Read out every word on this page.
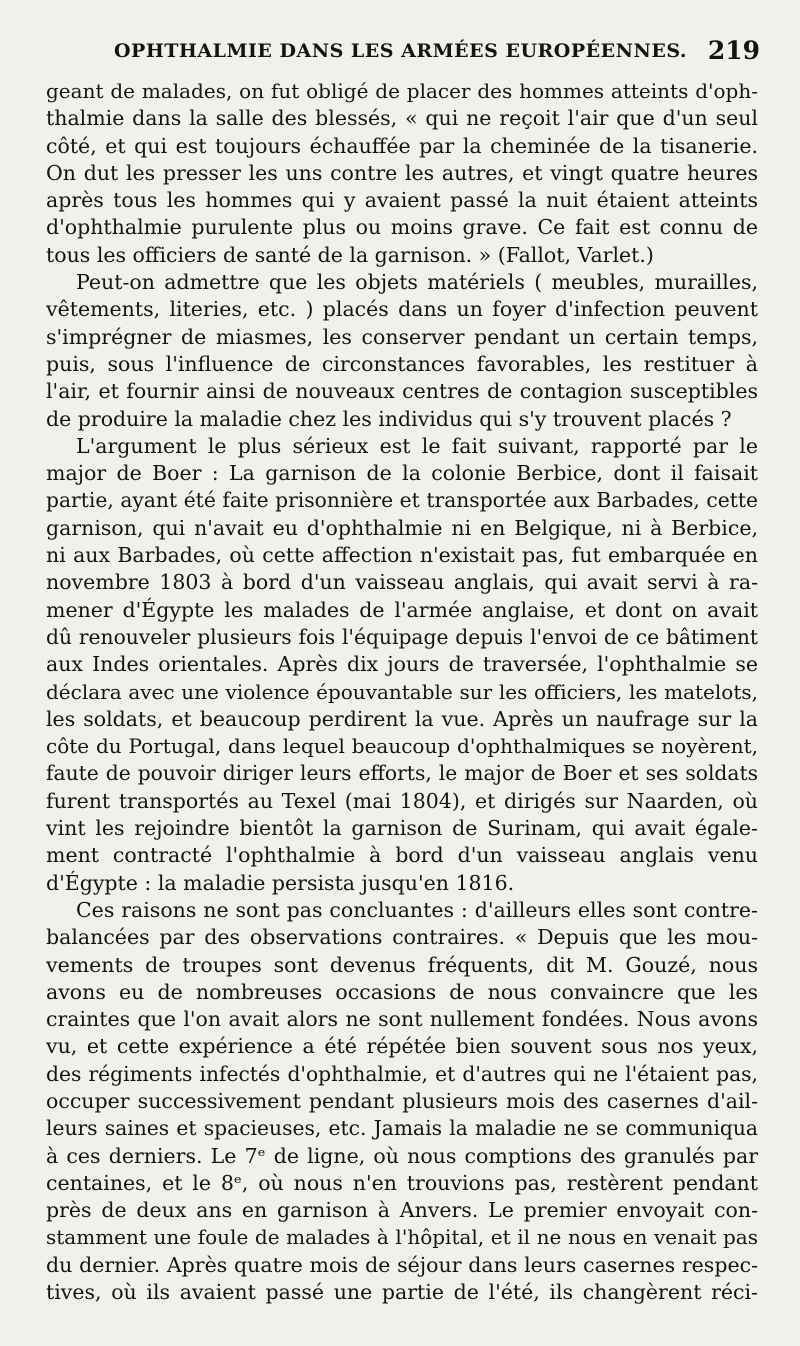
OPHTHALMIE DANS LES ARMÉES EUROPÉENNES. 219
geant de malades, on fut obligé de placer des hommes atteints d'oph-
thalmie dans la salle des blessés, « qui ne reçoit l'air que d'un seul
côté, et qui est toujours échauffée par la cheminée de la tisanerie.
On dut les presser les uns contre les autres, et vingt quatre heures
après tous les hommes qui y avaient passé la nuit étaient atteints
d'ophthalmie purulente plus ou moins grave. Ce fait est connu de
tous les officiers de santé de la garnison. » (Fallot, Varlet.)
Peut-on admettre que les objets matériels ( meubles, murailles,
vêtements, literies, etc. ) placés dans un foyer d'infection peuvent
s'imprégner de miasmes, les conserver pendant un certain temps,
puis, sous l'influence de circonstances favorables, les restituer à
l'air, et fournir ainsi de nouveaux centres de contagion susceptibles
de produire la maladie chez les individus qui s'y trouvent placés ?
L'argument le plus sérieux est le fait suivant, rapporté par le
major de Boer : La garnison de la colonie Berbice, dont il faisait
partie, ayant été faite prisonnière et transportée aux Barbades, cette
garnison, qui n'avait eu d'ophthalmie ni en Belgique, ni à Berbice,
ni aux Barbades, où cette affection n'existait pas, fut embarquée en
novembre 1803 à bord d'un vaisseau anglais, qui avait servi à ra-
mener d'Égypte les malades de l'armée anglaise, et dont on avait
dû renouveler plusieurs fois l'équipage depuis l'envoi de ce bâtiment
aux Indes orientales. Après dix jours de traversée, l'ophthalmie se
déclara avec une violence épouvantable sur les officiers, les matelots,
les soldats, et beaucoup perdirent la vue. Après un naufrage sur la
côte du Portugal, dans lequel beaucoup d'ophthalmiques se noyèrent,
faute de pouvoir diriger leurs efforts, le major de Boer et ses soldats
furent transportés au Texel (mai 1804), et dirigés sur Naarden, où
vint les rejoindre bientôt la garnison de Surinam, qui avait égale-
ment contracté l'ophthalmie à bord d'un vaisseau anglais venu
d'Égypte : la maladie persista jusqu'en 1816.
Ces raisons ne sont pas concluantes : d'ailleurs elles sont contre-
balancées par des observations contraires. « Depuis que les mou-
vements de troupes sont devenus fréquents, dit M. Gouzé, nous
avons eu de nombreuses occasions de nous convaincre que les
craintes que l'on avait alors ne sont nullement fondées. Nous avons
vu, et cette expérience a été répétée bien souvent sous nos yeux,
des régiments infectés d'ophthalmie, et d'autres qui ne l'étaient pas,
occuper successivement pendant plusieurs mois des casernes d'ail-
leurs saines et spacieuses, etc. Jamais la maladie ne se communiqua
à ces derniers. Le 7ᵉ de ligne, où nous comptions des granulés par
centaines, et le 8ᵉ, où nous n'en trouvions pas, restèrent pendant
près de deux ans en garnison à Anvers. Le premier envoyait con-
stamment une foule de malades à l'hôpital, et il ne nous en venait pas
du dernier. Après quatre mois de séjour dans leurs casernes respec-
tives, où ils avaient passé une partie de l'été, ils changèrent réci-
